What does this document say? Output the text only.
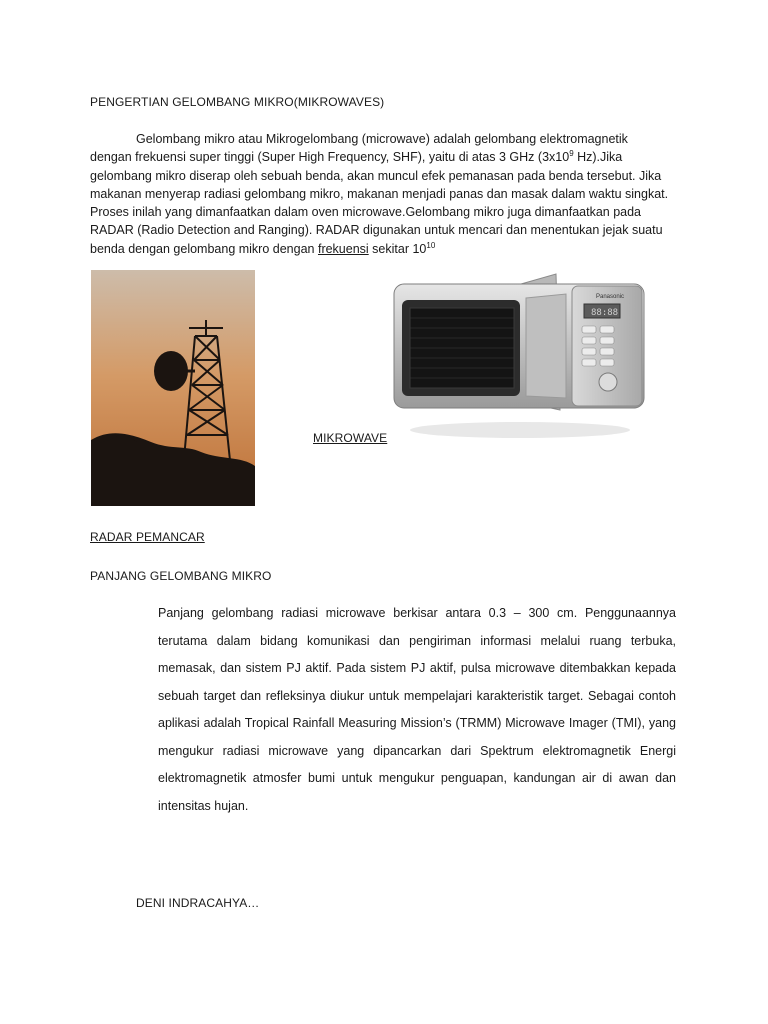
PENGERTIAN GELOMBANG MIKRO(MIKROWAVES)
Gelombang mikro atau Mikrogelombang (microwave) adalah gelombang elektromagnetik dengan frekuensi super tinggi (Super High Frequency, SHF), yaitu di atas 3 GHz ($3x10^9$ Hz).Jika gelombang mikro diserap oleh sebuah benda, akan muncul efek pemanasan pada benda tersebut. Jika makanan menyerap radiasi gelombang mikro, makanan menjadi panas dan masak dalam waktu singkat. Proses inilah yang dimanfaatkan dalam oven microwave.Gelombang mikro juga dimanfaatkan pada RADAR (Radio Detection and Ranging). RADAR digunakan untuk mencari dan menentukan jejak suatu benda dengan gelombang mikro dengan frekuensi sekitar $10^{10}$
Panasonic
88:88
MIKROWAVE
RADAR PEMANCAR
PANJANG GELOMBANG MIKRO
Panjang gelombang radiasi microwave berkisar antara 0.3 – 300 cm. Penggunaannya terutama dalam bidang komunikasi dan pengiriman informasi melalui ruang terbuka, memasak, dan sistem PJ aktif. Pada sistem PJ aktif, pulsa microwave ditembakkan kepada sebuah target dan refleksinya diukur untuk mempelajari karakteristik target. Sebagai contoh aplikasi adalah Tropical Rainfall Measuring Mission’s (TRMM) Microwave Imager (TMI), yang mengukur radiasi microwave yang dipancarkan dari Spektrum elektromagnetik Energi elektromagnetik atmosfer bumi untuk mengukur penguapan, kandungan air di awan dan intensitas hujan.
DENI INDRACAHYA…
